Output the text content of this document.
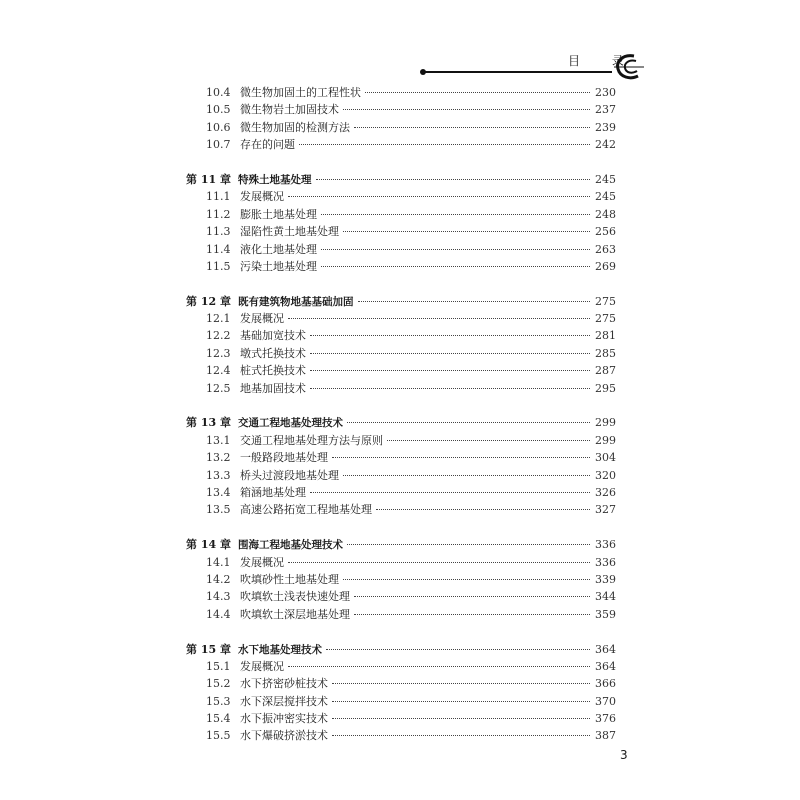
目 录
10.4 微生物加固土的工程性状	230
10.5 微生物岩土加固技术	237
10.6 微生物加固的检测方法	239
10.7 存在的问题	242
第 11 章 特殊土地基处理	245
11.1 发展概况	245
11.2 膨胀土地基处理	248
11.3 湿陷性黄土地基处理	256
11.4 液化土地基处理	263
11.5 污染土地基处理	269
第 12 章 既有建筑物地基基础加固	275
12.1 发展概况	275
12.2 基础加宽技术	281
12.3 墩式托换技术	285
12.4 桩式托换技术	287
12.5 地基加固技术	295
第 13 章 交通工程地基处理技术	299
13.1 交通工程地基处理方法与原则	299
13.2 一般路段地基处理	304
13.3 桥头过渡段地基处理	320
13.4 箱涵地基处理	326
13.5 高速公路拓宽工程地基处理	327
第 14 章 围海工程地基处理技术	336
14.1 发展概况	336
14.2 吹填砂性土地基处理	339
14.3 吹填软土浅表快速处理	344
14.4 吹填软土深层地基处理	359
第 15 章 水下地基处理技术	364
15.1 发展概况	364
15.2 水下挤密砂桩技术	366
15.3 水下深层搅拌技术	370
15.4 水下振冲密实技术	376
15.5 水下爆破挤淤技术	387
3
